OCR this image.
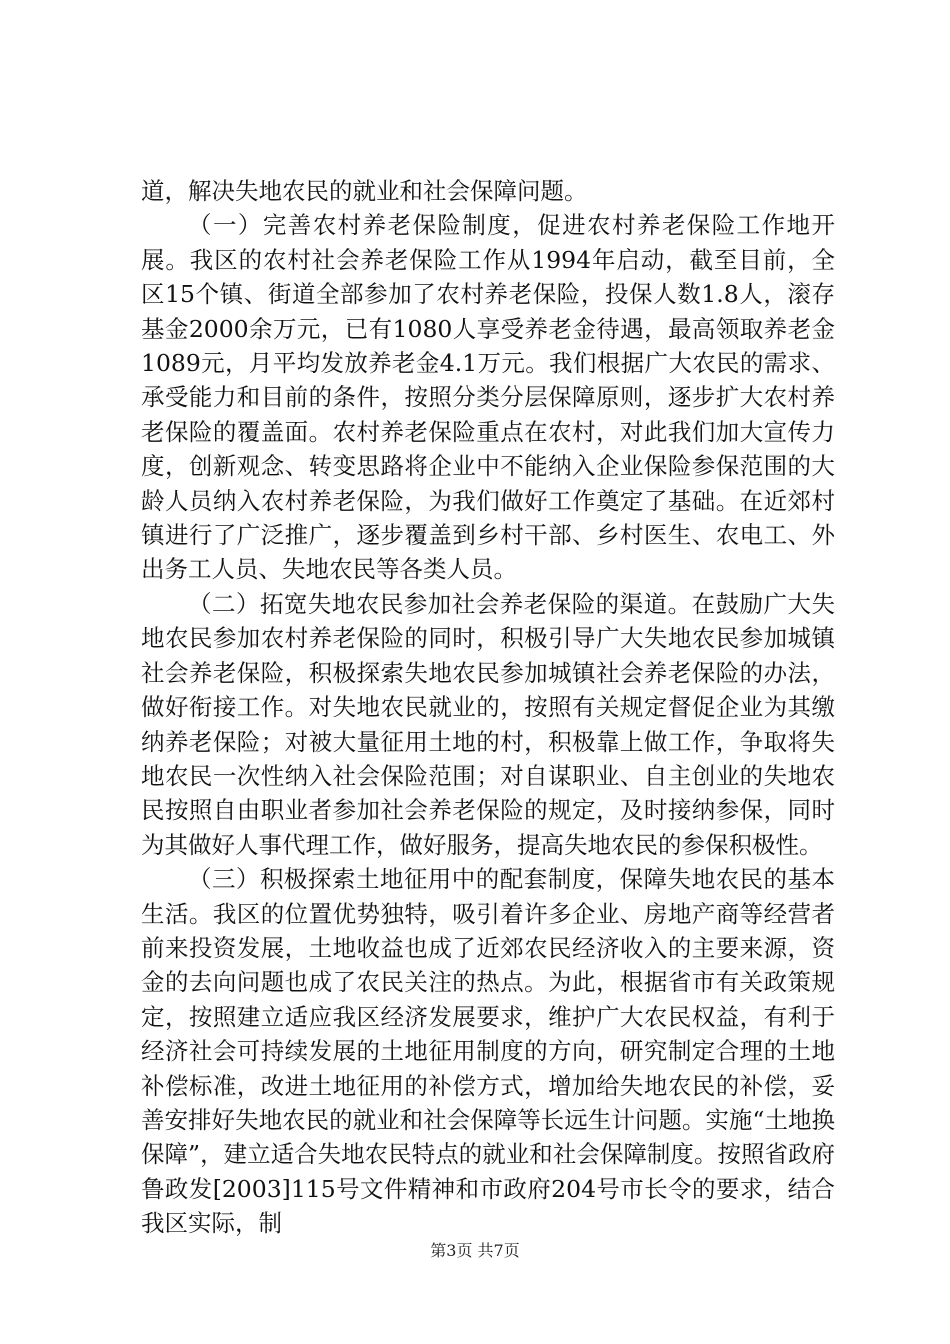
道，解决失地农民的就业和社会保障问题。

（一）完善农村养老保险制度，促进农村养老保险工作地开展。我区的农村社会养老保险工作从1994年启动，截至目前，全区15个镇、街道全部参加了农村养老保险，投保人数1.8人，滚存基金2000余万元，已有1080人享受养老金待遇，最高领取养老金1089元，月平均发放养老金4.1万元。我们根据广大农民的需求、承受能力和目前的条件，按照分类分层保障原则，逐步扩大农村养老保险的覆盖面。农村养老保险重点在农村，对此我们加大宣传力度，创新观念、转变思路将企业中不能纳入企业保险参保范围的大龄人员纳入农村养老保险，为我们做好工作奠定了基础。在近郊村镇进行了广泛推广，逐步覆盖到乡村干部、乡村医生、农电工、外出务工人员、失地农民等各类人员。

（二）拓宽失地农民参加社会养老保险的渠道。在鼓励广大失地农民参加农村养老保险的同时，积极引导广大失地农民参加城镇社会养老保险，积极探索失地农民参加城镇社会养老保险的办法，做好衔接工作。对失地农民就业的，按照有关规定督促企业为其缴纳养老保险；对被大量征用土地的村，积极靠上做工作，争取将失地农民一次性纳入社会保险范围；对自谋职业、自主创业的失地农民按照自由职业者参加社会养老保险的规定，及时接纳参保，同时为其做好人事代理工作，做好服务，提高失地农民的参保积极性。

（三）积极探索土地征用中的配套制度，保障失地农民的基本生活。我区的位置优势独特，吸引着许多企业、房地产商等经营者前来投资发展，土地收益也成了近郊农民经济收入的主要来源，资金的去向问题也成了农民关注的热点。为此，根据省市有关政策规定，按照建立适应我区经济发展要求，维护广大农民权益，有利于经济社会可持续发展的土地征用制度的方向，研究制定合理的土地补偿标准，改进土地征用的补偿方式，增加给失地农民的补偿，妥善安排好失地农民的就业和社会保障等长远生计问题。实施“土地换保障”，建立适合失地农民特点的就业和社会保障制度。按照省政府鲁政发[2003]115号文件精神和市政府204号市长令的要求，结合我区实际，制

第3页 共7页
